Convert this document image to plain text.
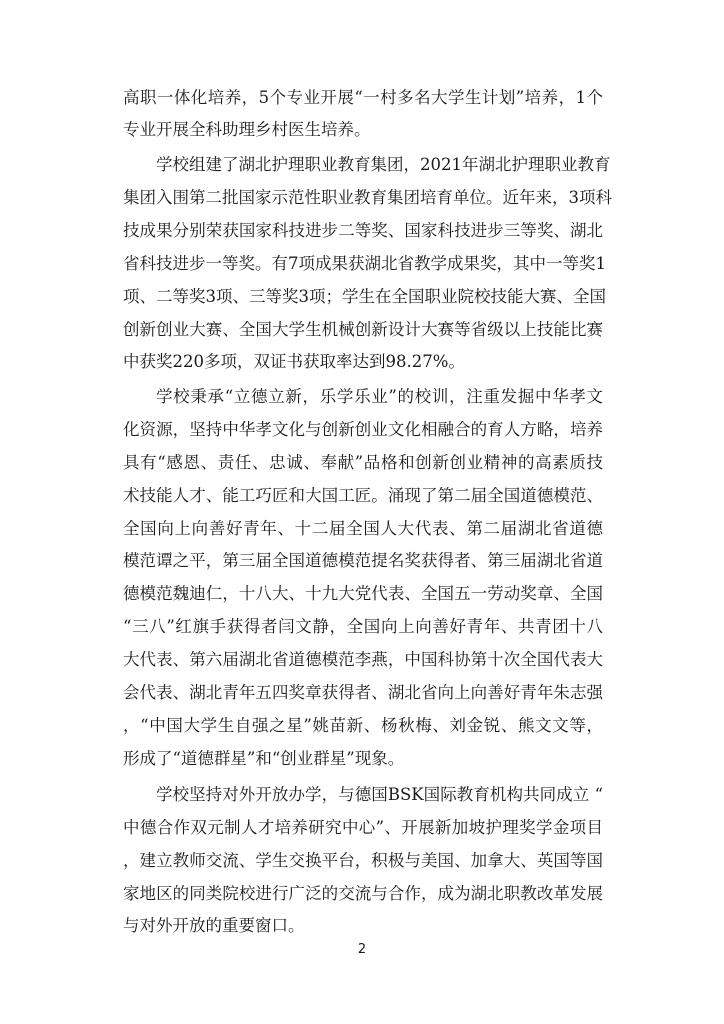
高职一体化培养，5个专业开展“一村多名大学生计划”培养，1个
专业开展全科助理乡村医生培养。
学校组建了湖北护理职业教育集团，2021年湖北护理职业教育
集团入围第二批国家示范性职业教育集团培育单位。近年来，3项科
技成果分别荣获国家科技进步二等奖、国家科技进步三等奖、湖北
省科技进步一等奖。有7项成果获湖北省教学成果奖，其中一等奖1
项、二等奖3项、三等奖3项；学生在全国职业院校技能大赛、全国
创新创业大赛、全国大学生机械创新设计大赛等省级以上技能比赛
中获奖220多项，双证书获取率达到98.27%。
学校秉承“立德立新，乐学乐业”的校训，注重发掘中华孝文
化资源，坚持中华孝文化与创新创业文化相融合的育人方略，培养
具有“感恩、责任、忠诚、奉献”品格和创新创业精神的高素质技
术技能人才、能工巧匠和大国工匠。涌现了第二届全国道德模范、
全国向上向善好青年、十二届全国人大代表、第二届湖北省道德
模范谭之平，第三届全国道德模范提名奖获得者、第三届湖北省道
德模范魏迪仁，十八大、十九大党代表、全国五一劳动奖章、全国
“三八”红旗手获得者闫文静，全国向上向善好青年、共青团十八
大代表、第六届湖北省道德模范李燕，中国科协第十次全国代表大
会代表、湖北青年五四奖章获得者、湖北省向上向善好青年朱志强
，“中国大学生自强之星”姚苗新、杨秋梅、刘金锐、熊文文等，
形成了“道德群星”和“创业群星”现象。
学校坚持对外开放办学，与德国BSK国际教育机构共同成立 “
中德合作双元制人才培养研究中心”、开展新加坡护理奖学金项目
，建立教师交流、学生交换平台，积极与美国、加拿大、英国等国
家地区的同类院校进行广泛的交流与合作，成为湖北职教改革发展
与对外开放的重要窗口。
2
